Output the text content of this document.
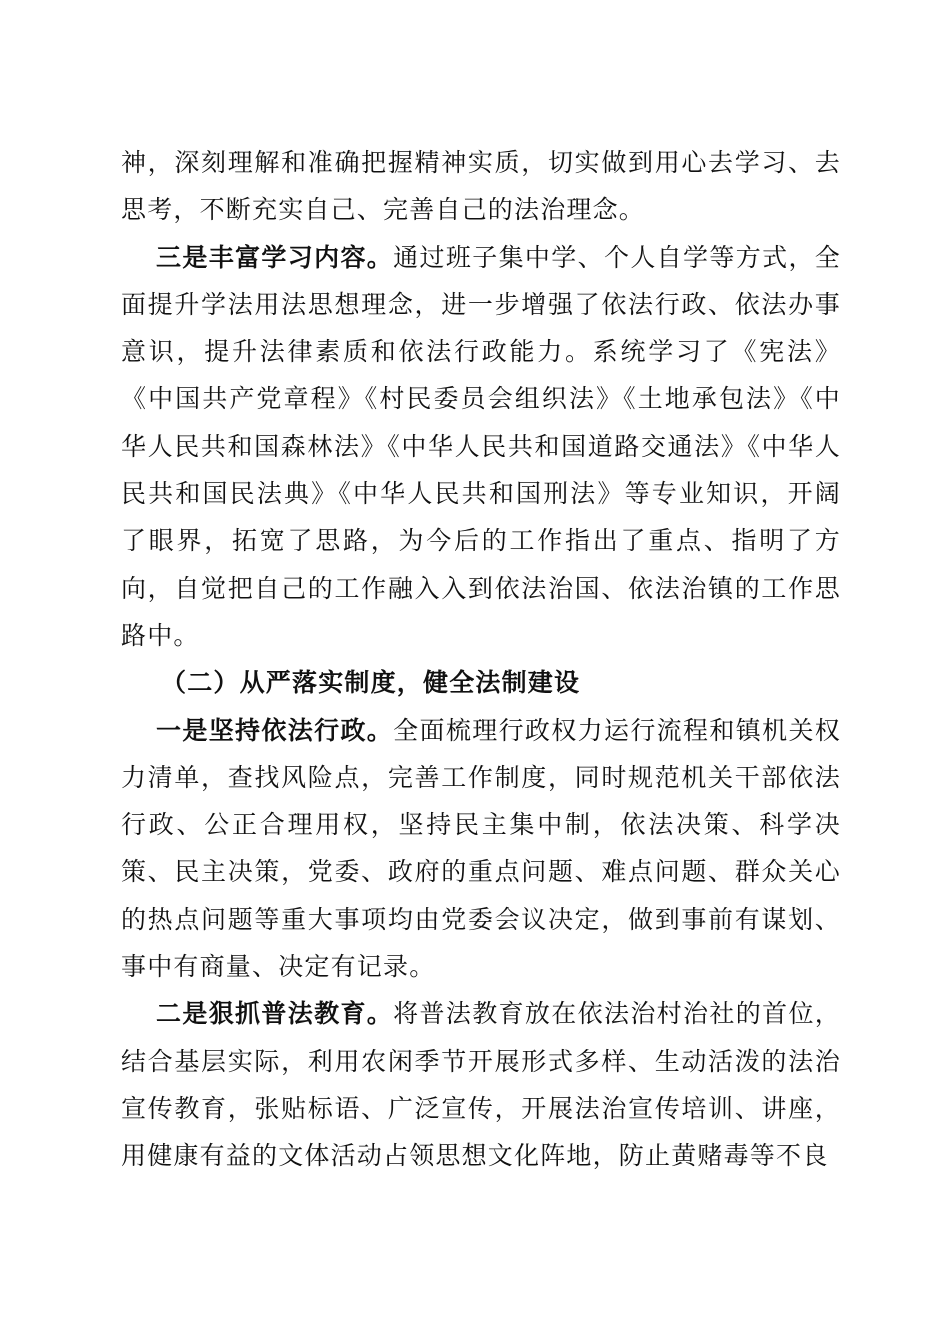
神，深刻理解和准确把握精神实质，切实做到用心去学习、去思考，不断充实自己、完善自己的法治理念。

三是丰富学习内容。通过班子集中学、个人自学等方式，全面提升学法用法思想理念，进一步增强了依法行政、依法办事意识，提升法律素质和依法行政能力。系统学习了《宪法》《中国共产党章程》《村民委员会组织法》《土地承包法》《中华人民共和国森林法》《中华人民共和国道路交通法》《中华人民共和国民法典》《中华人民共和国刑法》等专业知识，开阔了眼界，拓宽了思路，为今后的工作指出了重点、指明了方向，自觉把自己的工作融入入到依法治国、依法治镇的工作思路中。

（二）从严落实制度，健全法制建设

一是坚持依法行政。全面梳理行政权力运行流程和镇机关权力清单，查找风险点，完善工作制度，同时规范机关干部依法行政、公正合理用权，坚持民主集中制，依法决策、科学决策、民主决策，党委、政府的重点问题、难点问题、群众关心的热点问题等重大事项均由党委会议决定，做到事前有谋划、事中有商量、决定有记录。

二是狠抓普法教育。将普法教育放在依法治村治社的首位，结合基层实际，利用农闲季节开展形式多样、生动活泼的法治宣传教育，张贴标语、广泛宣传，开展法治宣传培训、讲座，用健康有益的文体活动占领思想文化阵地，防止黄赌毒等不良
